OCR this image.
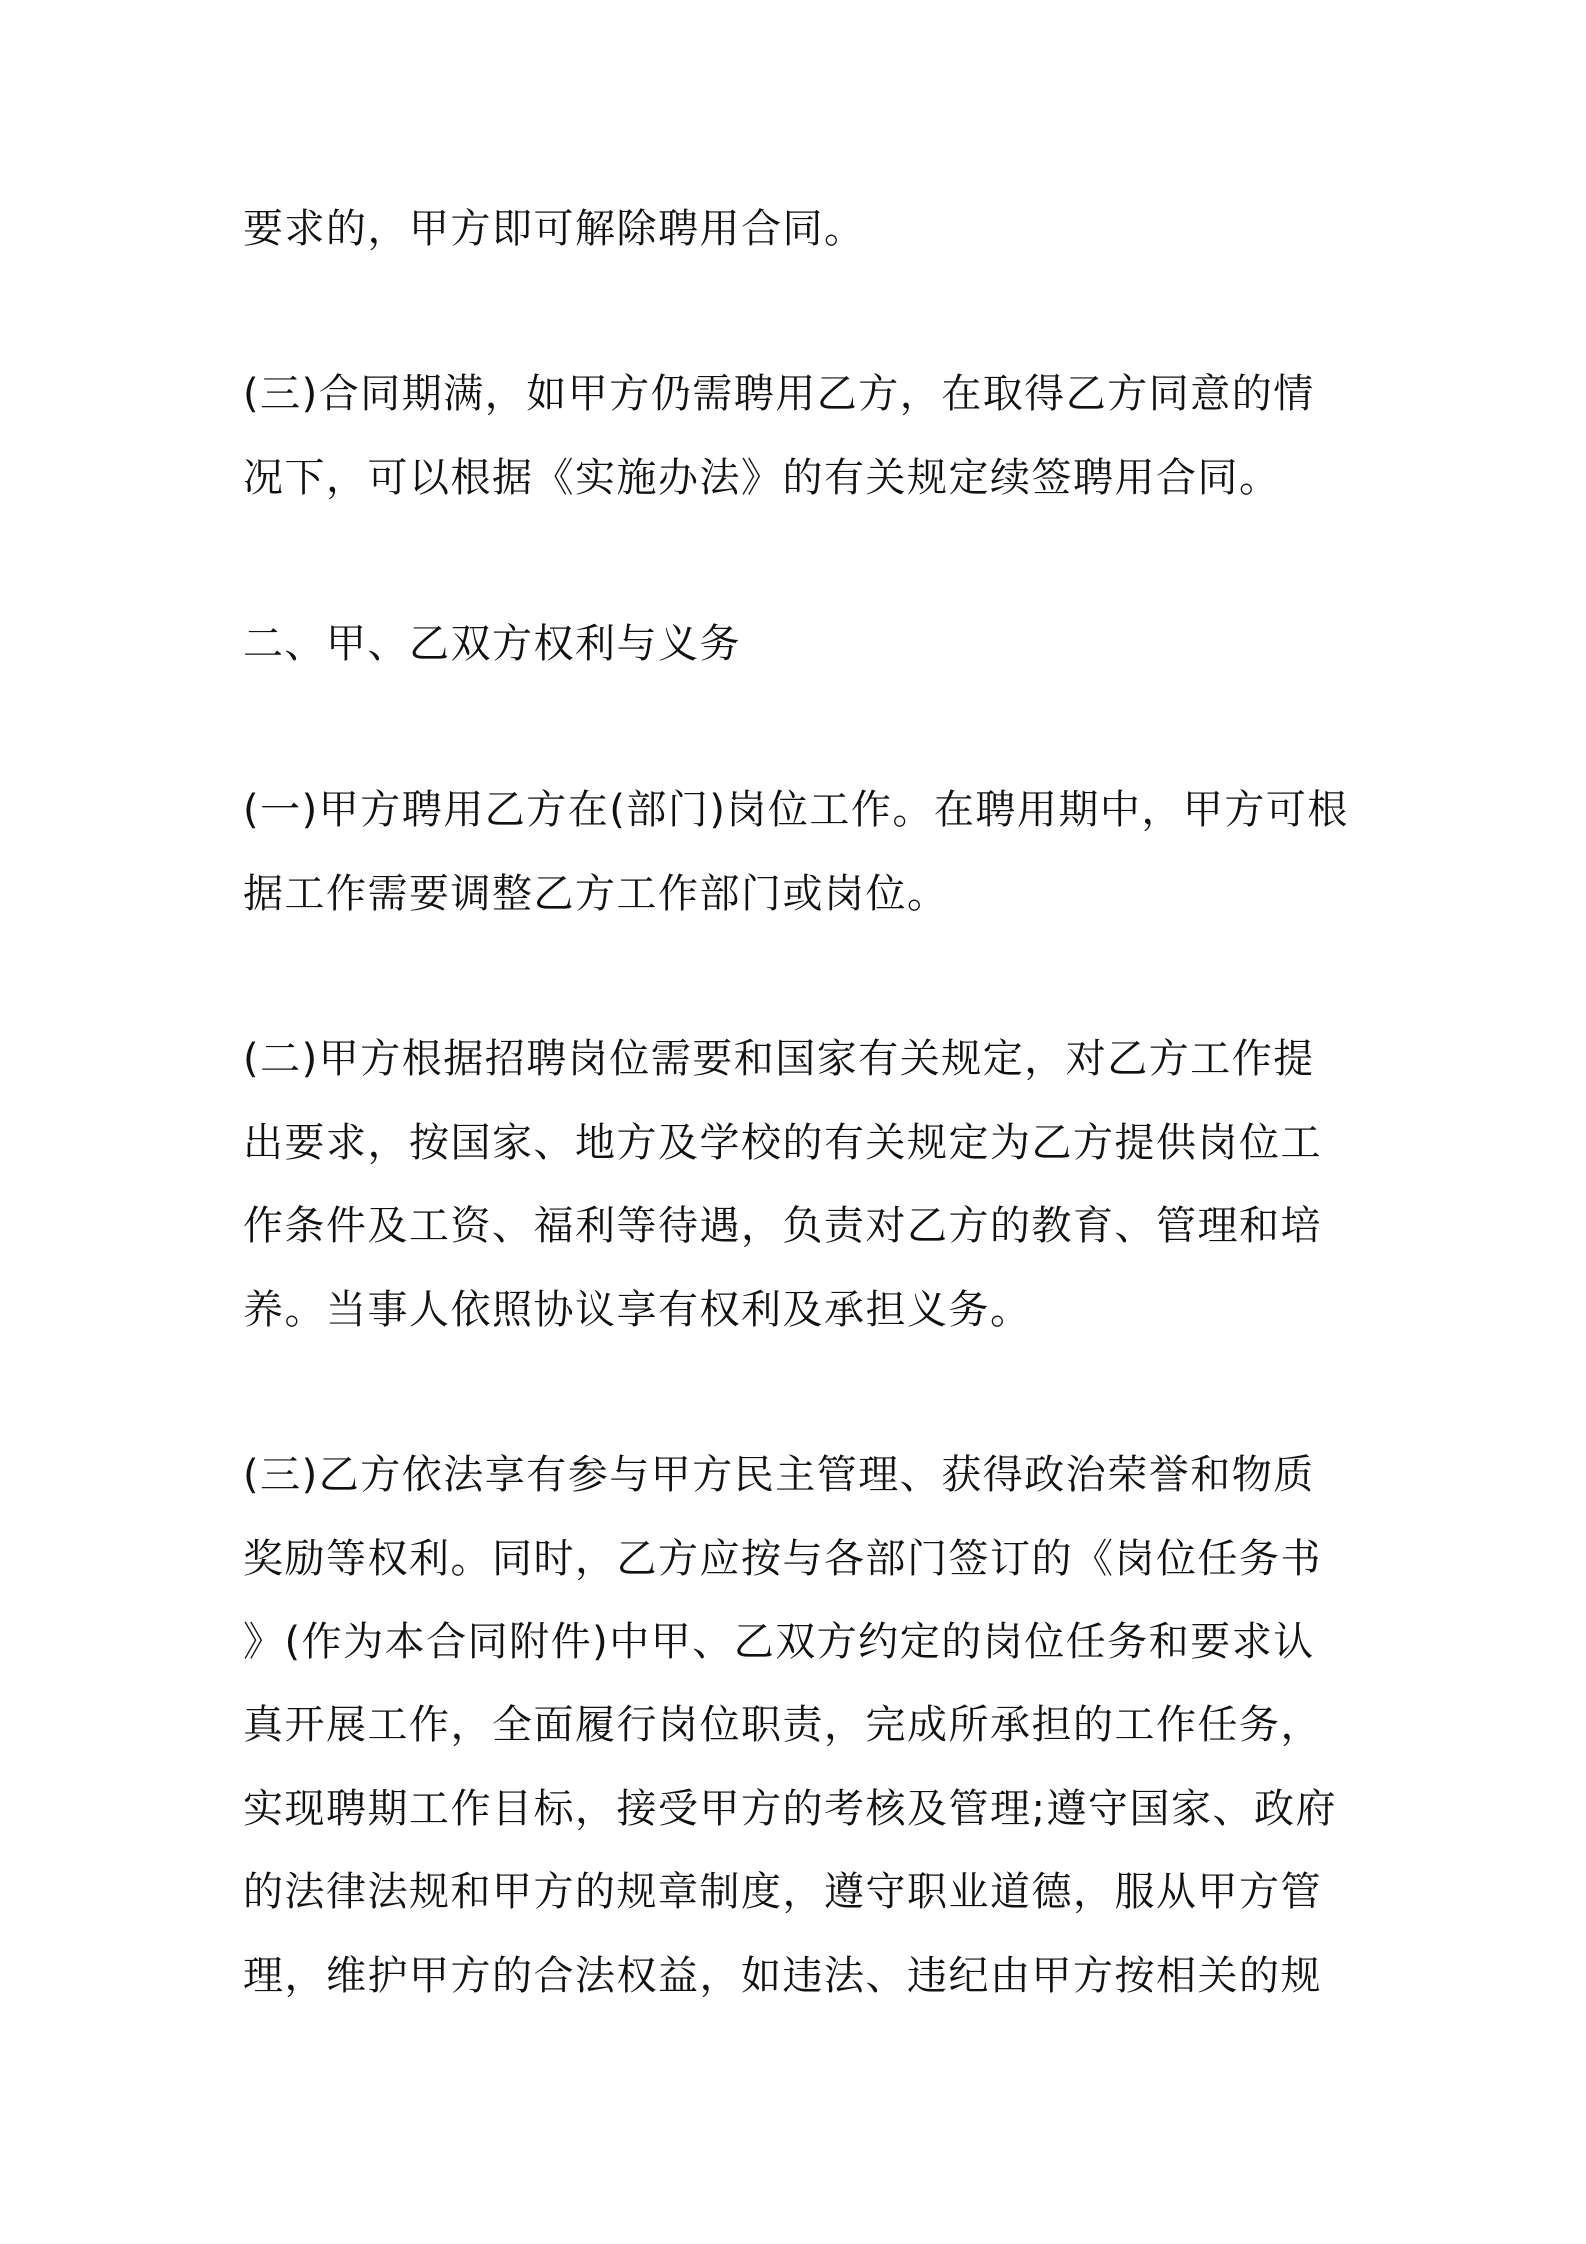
要求的，甲方即可解除聘用合同。
(三)合同期满，如甲方仍需聘用乙方，在取得乙方同意的情
况下，可以根据《实施办法》的有关规定续签聘用合同。
二、甲、乙双方权利与义务
(一)甲方聘用乙方在(部门)岗位工作。在聘用期中，甲方可根
据工作需要调整乙方工作部门或岗位。
(二)甲方根据招聘岗位需要和国家有关规定，对乙方工作提
出要求，按国家、地方及学校的有关规定为乙方提供岗位工
作条件及工资、福利等待遇，负责对乙方的教育、管理和培
养。当事人依照协议享有权利及承担义务。
(三)乙方依法享有参与甲方民主管理、获得政治荣誉和物质
奖励等权利。同时，乙方应按与各部门签订的《岗位任务书
》(作为本合同附件)中甲、乙双方约定的岗位任务和要求认
真开展工作，全面履行岗位职责，完成所承担的工作任务，
实现聘期工作目标，接受甲方的考核及管理;遵守国家、政府
的法律法规和甲方的规章制度，遵守职业道德，服从甲方管
理，维护甲方的合法权益，如违法、违纪由甲方按相关的规
